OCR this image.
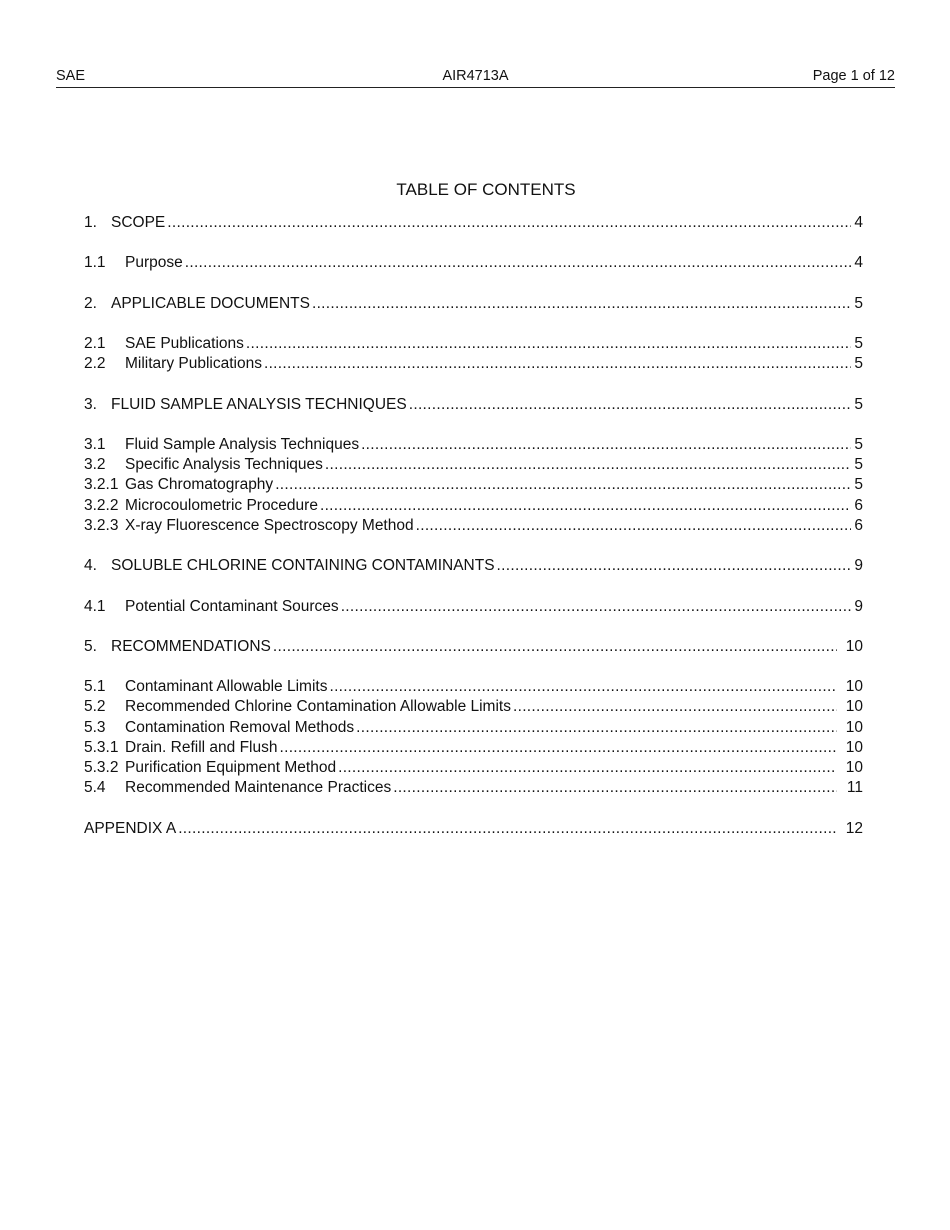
SAE	AIR4713A	Page 1 of 12
TABLE OF CONTENTS
1. SCOPE .....	4
1.1	Purpose .....	4
2. APPLICABLE DOCUMENTS .....	5
2.1	SAE Publications .....	5
2.2	Military Publications .....	5
3. FLUID SAMPLE ANALYSIS TECHNIQUES .....	5
3.1	Fluid Sample Analysis Techniques .....	5
3.2	Specific Analysis Techniques .....	5
3.2.1 Gas Chromatography .....	5
3.2.2 Microcoulometric Procedure .....	6
3.2.3 X-ray Fluorescence Spectroscopy Method .....	6
4. SOLUBLE CHLORINE CONTAINING CONTAMINANTS .....	9
4.1	Potential Contaminant Sources .....	9
5. RECOMMENDATIONS .....	10
5.1	Contaminant Allowable Limits .....	10
5.2	Recommended Chlorine Contamination Allowable Limits .....	10
5.3	Contamination Removal Methods .....	10
5.3.1 Drain. Refill and Flush .....	10
5.3.2 Purification Equipment Method .....	10
5.4	Recommended Maintenance Practices .....	11
APPENDIX A .....	12
